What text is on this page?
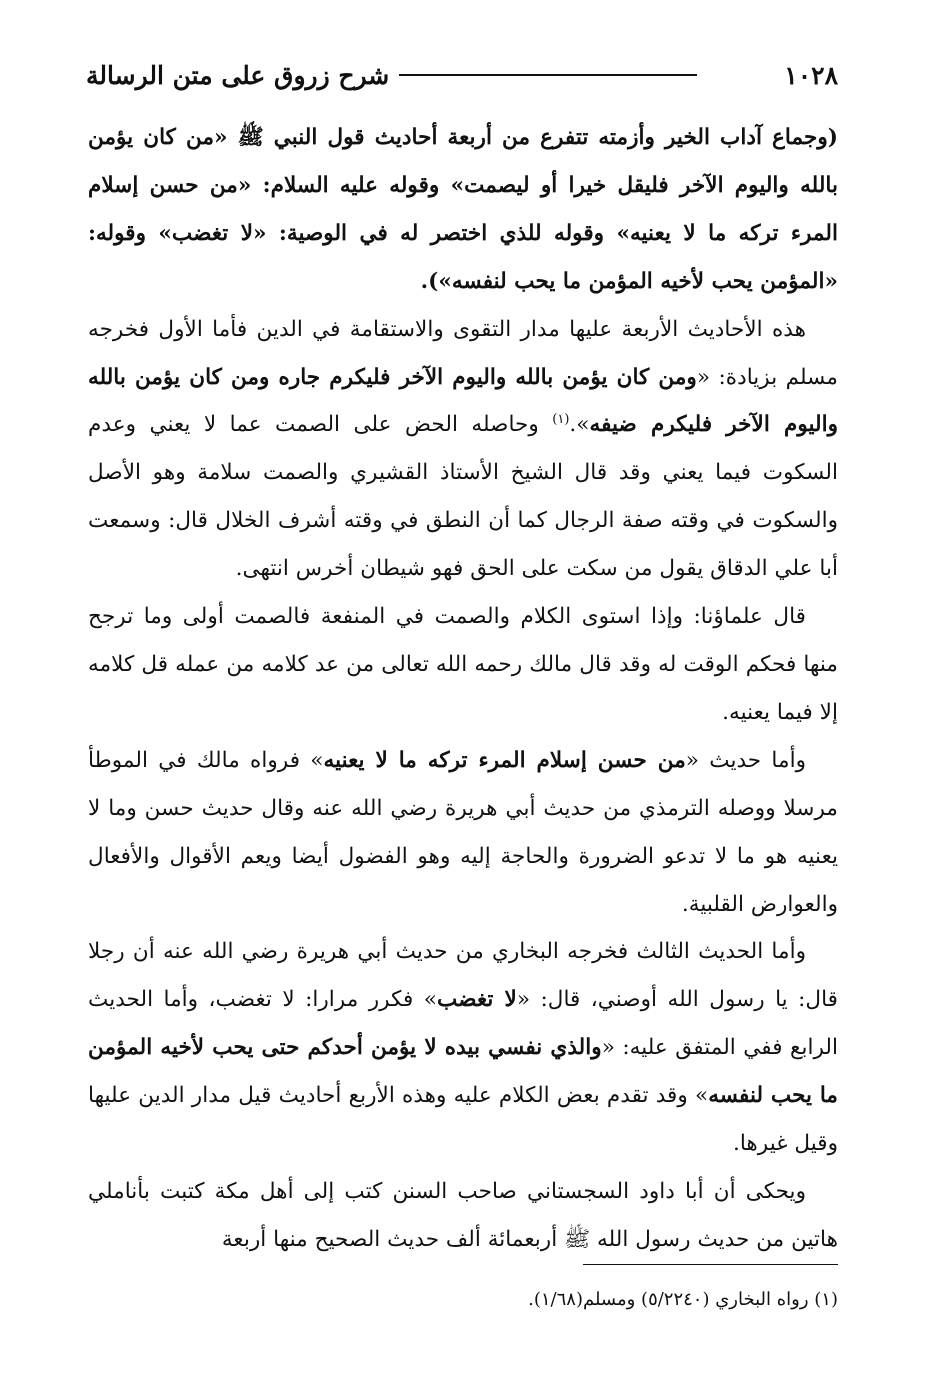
١٠٢٨
شرح زروق على متن الرسالة

(وجماع آداب الخير وأزمته تتفرع من أربعة أحاديث قول النبي ﷺ «من كان يؤمن بالله واليوم الآخر فليقل خيرا أو ليصمت» وقوله عليه السلام: «من حسن إسلام المرء تركه ما لا يعنيه» وقوله للذي اختصر له في الوصية: «لا تغضب» وقوله: «المؤمن يحب لأخيه المؤمن ما يحب لنفسه»).

هذه الأحاديث الأربعة عليها مدار التقوى والاستقامة في الدين فأما الأول فخرجه مسلم بزيادة: «ومن كان يؤمن بالله واليوم الآخر فليكرم جاره ومن كان يؤمن بالله واليوم الآخر فليكرم ضيفه».$^{(١)}$ وحاصله الحض على الصمت عما لا يعني وعدم السكوت فيما يعني وقد قال الشيخ الأستاذ القشيري والصمت سلامة وهو الأصل والسكوت في وقته صفة الرجال كما أن النطق في وقته أشرف الخلال قال: وسمعت أبا علي الدقاق يقول من سكت على الحق فهو شيطان أخرس انتهى.

قال علماؤنا: وإذا استوى الكلام والصمت في المنفعة فالصمت أولى وما ترجح منها فحكم الوقت له وقد قال مالك رحمه الله تعالى من عد كلامه من عمله قل كلامه إلا فيما يعنيه.

وأما حديث «من حسن إسلام المرء تركه ما لا يعنيه» فرواه مالك في الموطأ مرسلا ووصله الترمذي من حديث أبي هريرة رضي الله عنه وقال حديث حسن وما لا يعنيه هو ما لا تدعو الضرورة والحاجة إليه وهو الفضول أيضا ويعم الأقوال والأفعال والعوارض القلبية.

وأما الحديث الثالث فخرجه البخاري من حديث أبي هريرة رضي الله عنه أن رجلا قال: يا رسول الله أوصني، قال: «لا تغضب» فكرر مرارا: لا تغضب، وأما الحديث الرابع ففي المتفق عليه: «والذي نفسي بيده لا يؤمن أحدكم حتى يحب لأخيه المؤمن ما يحب لنفسه» وقد تقدم بعض الكلام عليه وهذه الأربع أحاديث قيل مدار الدين عليها وقيل غيرها.

ويحكى أن أبا داود السجستاني صاحب السنن كتب إلى أهل مكة كتبت بأناملي هاتين من حديث رسول الله ﷺ أربعمائة ألف حديث الصحيح منها أربعة

(١) رواه البخاري (٥/٢٢٤٠) ومسلم(١/٦٨).
